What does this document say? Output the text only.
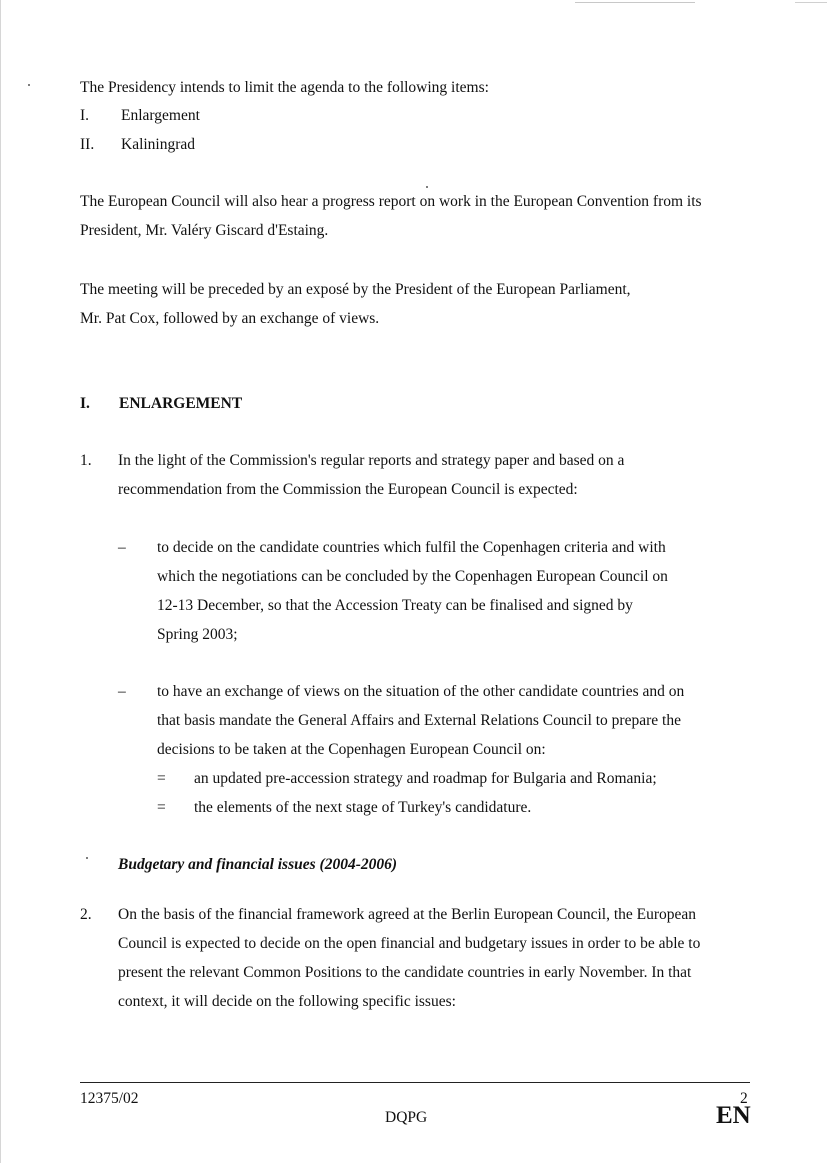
The Presidency intends to limit the agenda to the following items:
I. Enlargement
II. Kaliningrad
The European Council will also hear a progress report on work in the European Convention from its
President, Mr. Valéry Giscard d'Estaing.
The meeting will be preceded by an exposé by the President of the European Parliament,
Mr. Pat Cox, followed by an exchange of views.
I. ENLARGEMENT
1. In the light of the Commission's regular reports and strategy paper and based on a
recommendation from the Commission the European Council is expected:
– to decide on the candidate countries which fulfil the Copenhagen criteria and with
which the negotiations can be concluded by the Copenhagen European Council on
12-13 December, so that the Accession Treaty can be finalised and signed by
Spring 2003;
– to have an exchange of views on the situation of the other candidate countries and on
that basis mandate the General Affairs and External Relations Council to prepare the
decisions to be taken at the Copenhagen European Council on:
= an updated pre-accession strategy and roadmap for Bulgaria and Romania;
= the elements of the next stage of Turkey's candidature.
Budgetary and financial issues (2004-2006)
2. On the basis of the financial framework agreed at the Berlin European Council, the European
Council is expected to decide on the open financial and budgetary issues in order to be able to
present the relevant Common Positions to the candidate countries in early November. In that
context, it will decide on the following specific issues:
12375/02	2
DQPG	EN
